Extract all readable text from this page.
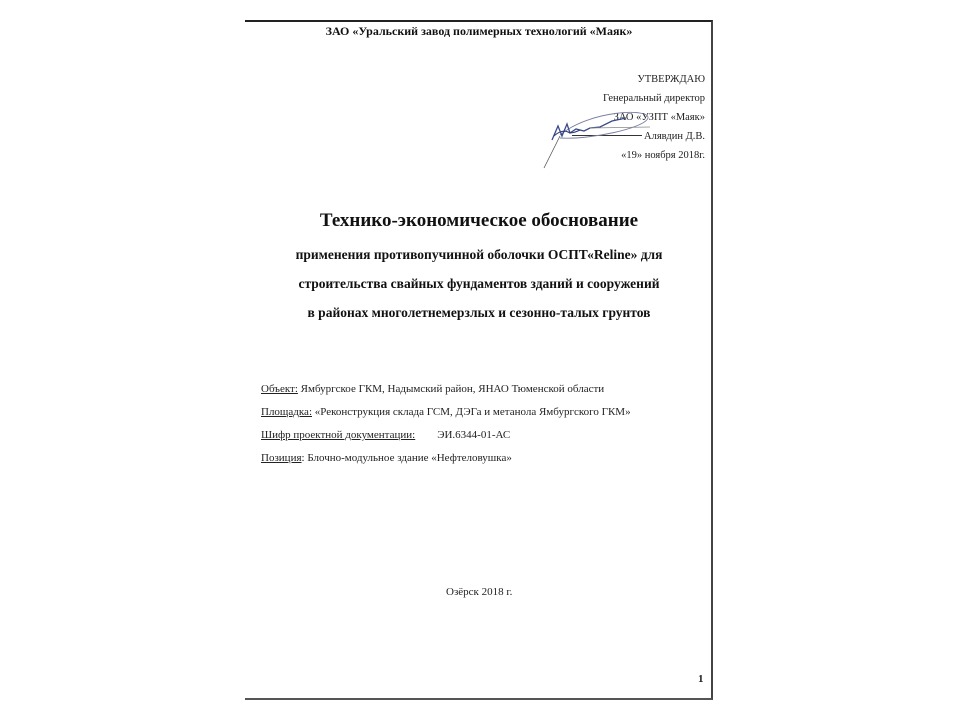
ЗАО «Уральский завод полимерных технологий «Маяк»
УТВЕРЖДАЮ
Генеральный директор
ЗАО «УЗПТ «Маяк»
Алявдин Д.В.
«19» ноября 2018г.
Технико-экономическое обоснование
применения противопучинной оболочки ОСПТ«Reline» для
строительства свайных фундаментов зданий и сооружений
в районах многолетнемерзлых и сезонно-талых грунтов
Объект: Ямбургское ГКМ, Надымский район, ЯНАО Тюменской области
Площадка: «Реконструкция склада ГСМ, ДЭГа и метанола Ямбургского ГКМ»
Шифр проектной документации: ЭИ.6344-01-АС
Позиция: Блочно-модульное здание «Нефтеловушка»
Озёрск 2018 г.
1
